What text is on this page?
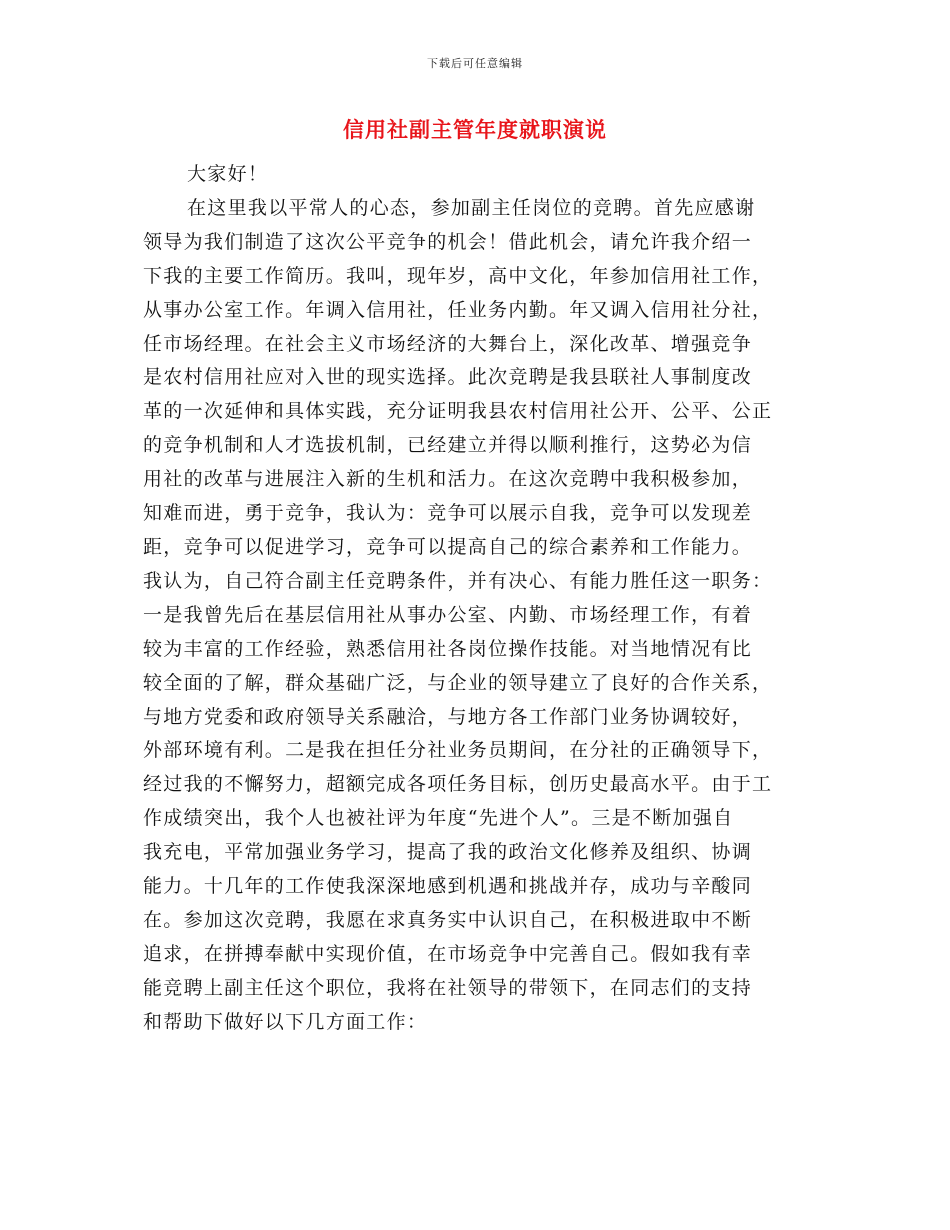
下载后可任意编辑
信用社副主管年度就职演说
大家好！
在这里我以平常人的心态，参加副主任岗位的竞聘。首先应感谢
领导为我们制造了这次公平竞争的机会！借此机会，请允许我介绍一
下我的主要工作简历。我叫，现年岁，高中文化，年参加信用社工作，
从事办公室工作。年调入信用社，任业务内勤。年又调入信用社分社，
任市场经理。在社会主义市场经济的大舞台上，深化改革、增强竞争
是农村信用社应对入世的现实选择。此次竞聘是我县联社人事制度改
革的一次延伸和具体实践，充分证明我县农村信用社公开、公平、公正
的竞争机制和人才选拔机制，已经建立并得以顺利推行，这势必为信
用社的改革与进展注入新的生机和活力。在这次竞聘中我积极参加，
知难而进，勇于竞争，我认为：竞争可以展示自我，竞争可以发现差
距，竞争可以促进学习，竞争可以提高自己的综合素养和工作能力。
我认为，自己符合副主任竞聘条件，并有决心、有能力胜任这一职务：
一是我曾先后在基层信用社从事办公室、内勤、市场经理工作，有着
较为丰富的工作经验，熟悉信用社各岗位操作技能。对当地情况有比
较全面的了解，群众基础广泛，与企业的领导建立了良好的合作关系，
与地方党委和政府领导关系融洽，与地方各工作部门业务协调较好，
外部环境有利。二是我在担任分社业务员期间，在分社的正确领导下，
经过我的不懈努力，超额完成各项任务目标，创历史最高水平。由于工
作成绩突出，我个人也被社评为年度“先进个人”。三是不断加强自
我充电，平常加强业务学习，提高了我的政治文化修养及组织、协调
能力。十几年的工作使我深深地感到机遇和挑战并存，成功与辛酸同
在。参加这次竞聘，我愿在求真务实中认识自己，在积极进取中不断
追求，在拼搏奉献中实现价值，在市场竞争中完善自己。假如我有幸
能竞聘上副主任这个职位，我将在社领导的带领下，在同志们的支持
和帮助下做好以下几方面工作：
